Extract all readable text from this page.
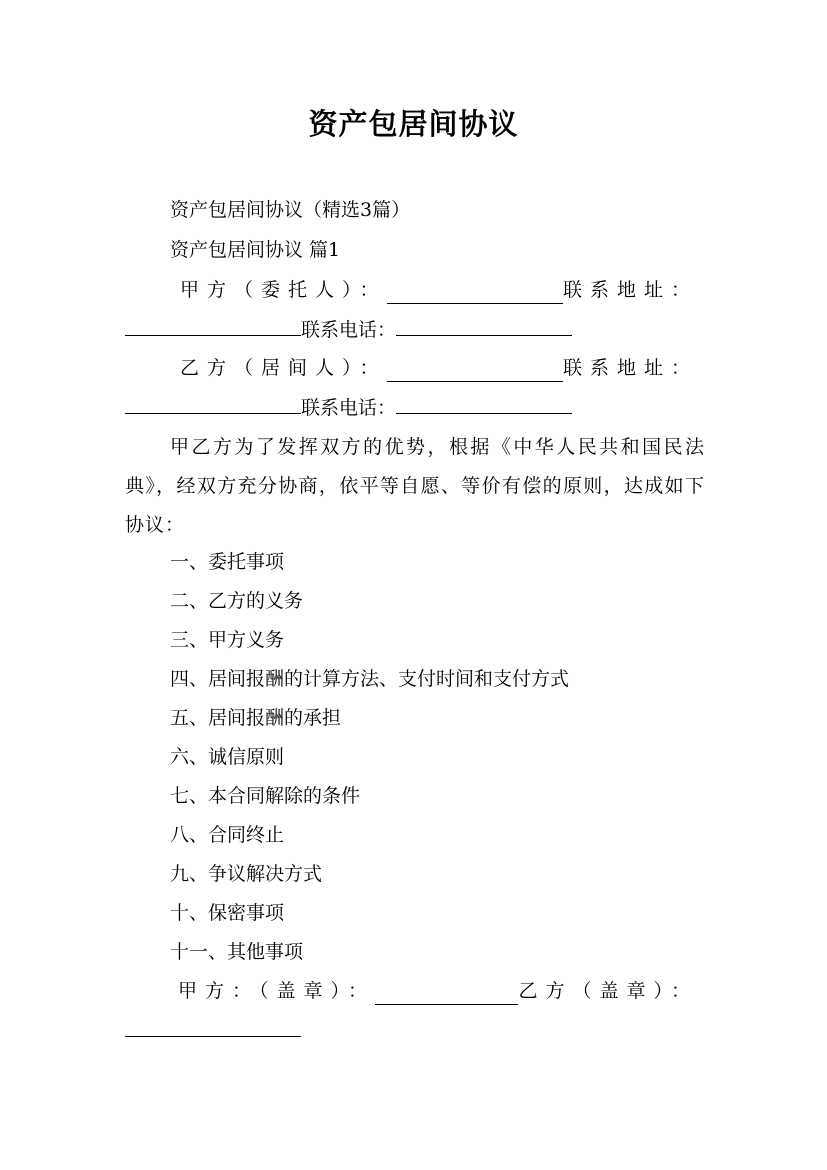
资产包居间协议
资产包居间协议（精选3篇）
资产包居间协议 篇1
甲方（委托人）：	联系地址：
联系电话：
乙方（居间人）：	联系地址：
联系电话：
甲乙方为了发挥双方的优势，根据《中华人民共和国民法典》，经双方充分协商，依平等自愿、等价有偿的原则，达成如下协议：
一、委托事项
二、乙方的义务
三、甲方义务
四、居间报酬的计算方法、支付时间和支付方式
五、居间报酬的承担
六、诚信原则
七、本合同解除的条件
八、合同终止
九、争议解决方式
十、保密事项
十一、其他事项
甲方：（盖章）：	乙方（盖章）：
